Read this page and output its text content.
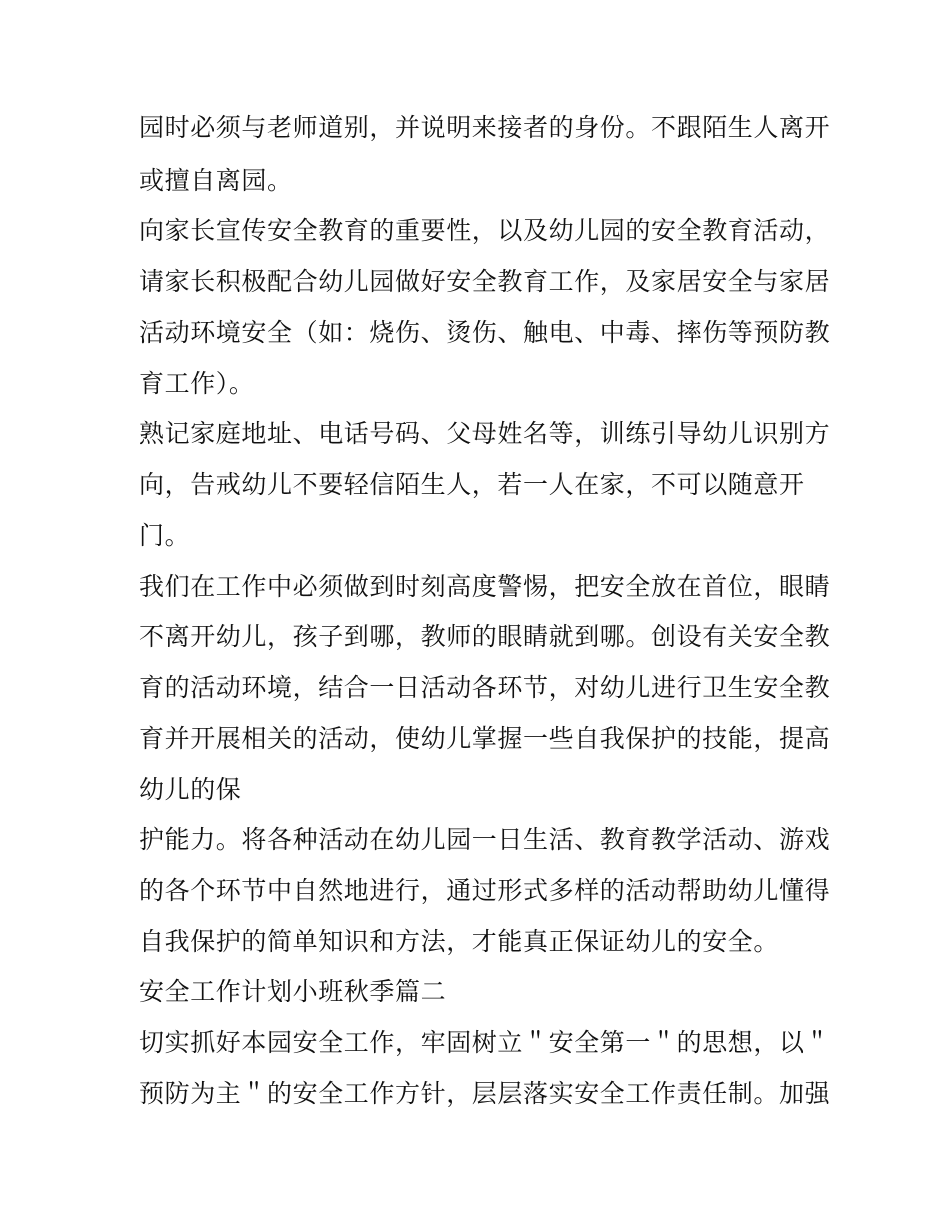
园时必须与老师道别，并说明来接者的身份。不跟陌生人离开
或擅自离园。
向家长宣传安全教育的重要性，以及幼儿园的安全教育活动，
请家长积极配合幼儿园做好安全教育工作，及家居安全与家居
活动环境安全（如：烧伤、烫伤、触电、中毒、摔伤等预防教
育工作）。
熟记家庭地址、电话号码、父母姓名等，训练引导幼儿识别方
向，告戒幼儿不要轻信陌生人，若一人在家，不可以随意开
门。
我们在工作中必须做到时刻高度警惕，把安全放在首位，眼睛
不离开幼儿，孩子到哪，教师的眼睛就到哪。创设有关安全教
育的活动环境，结合一日活动各环节，对幼儿进行卫生安全教
育并开展相关的活动，使幼儿掌握一些自我保护的技能，提高
幼儿的保
护能力。将各种活动在幼儿园一日生活、教育教学活动、游戏
的各个环节中自然地进行，通过形式多样的活动帮助幼儿懂得
自我保护的简单知识和方法，才能真正保证幼儿的安全。
安全工作计划小班秋季篇二
切实抓好本园安全工作，牢固树立＂安全第一＂的思想，以＂
预防为主＂的安全工作方针，层层落实安全工作责任制。加强
